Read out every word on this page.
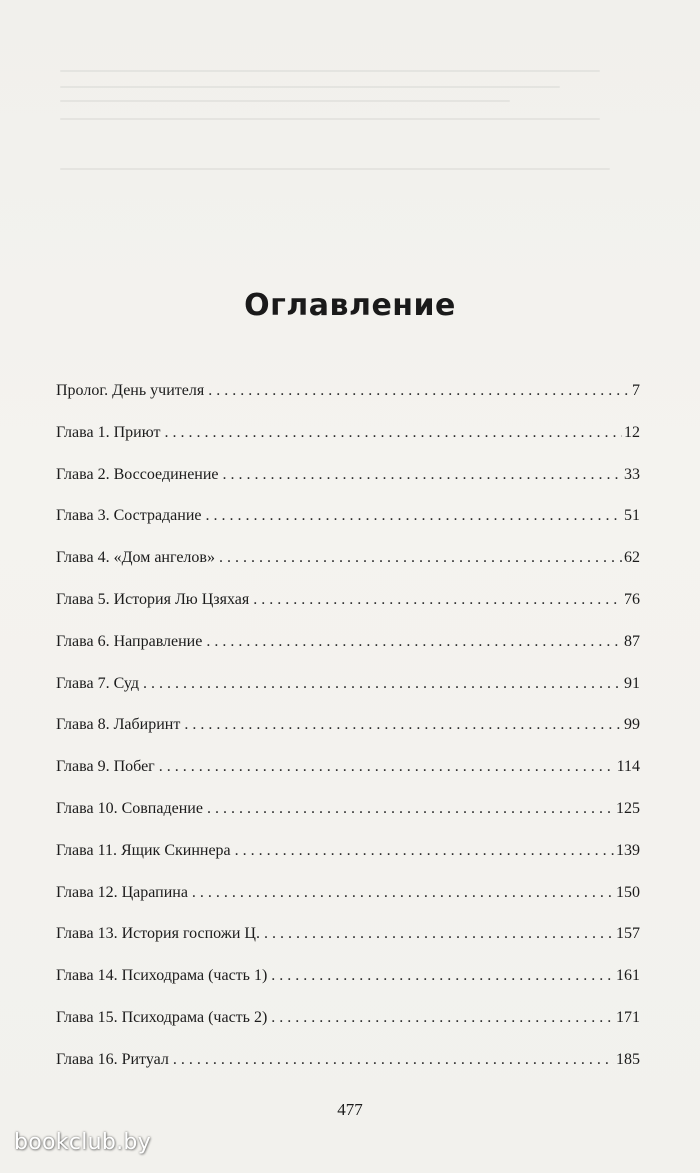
Оглавление
Пролог. День учителя . . .	7
Глава 1. Приют . . .	12
Глава 2. Воссоединение . . .	33
Глава 3. Сострадание . . .	51
Глава 4. «Дом ангелов» . . .	62
Глава 5. История Лю Цзяхая . . .	76
Глава 6. Направление . . .	87
Глава 7. Суд . . .	91
Глава 8. Лабиринт . . .	99
Глава 9. Побег . . .	114
Глава 10. Совпадение . . .	125
Глава 11. Ящик Скиннера . . .	139
Глава 12. Царапина . . .	150
Глава 13. История госпожи Ц. . . .	157
Глава 14. Психодрама (часть 1) . . .	161
Глава 15. Психодрама (часть 2) . . .	171
Глава 16. Ритуал . . .	185
477
bookclub.by
